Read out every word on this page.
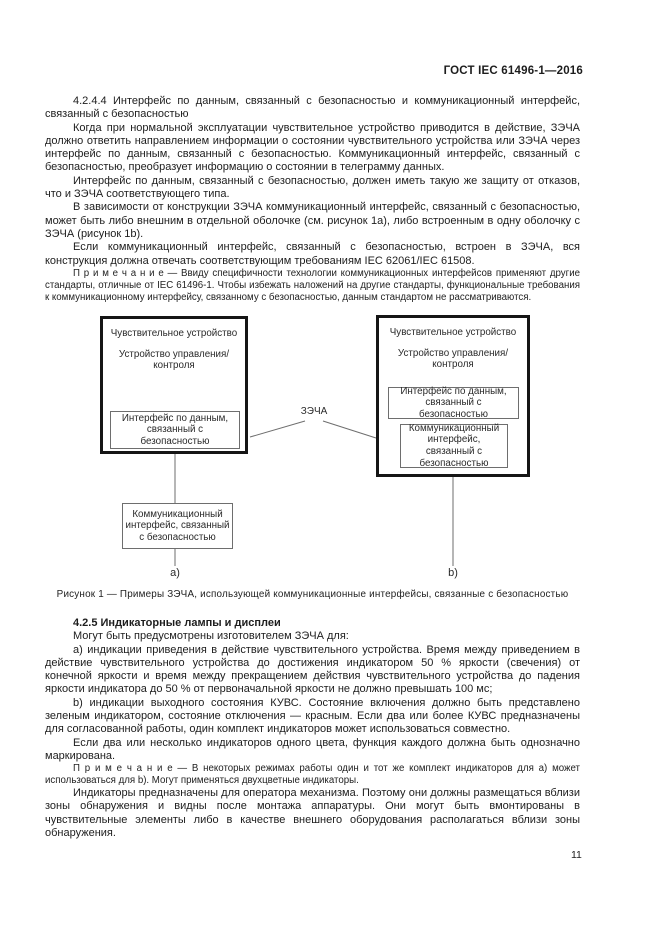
ГОСТ IEC 61496-1—2016

4.2.4.4 Интерфейс по данным, связанный с безопасностью и коммуникационный интерфейс, связанный с безопасностью

Когда при нормальной эксплуатации чувствительное устройство приводится в действие, ЗЭЧА должно ответить направлением информации о состоянии чувствительного устройства или ЗЭЧА через интерфейс по данным, связанный с безопасностью. Коммуникационный интерфейс, связанный с безопасностью, преобразует информацию о состоянии в телеграмму данных.

Интерфейс по данным, связанный с безопасностью, должен иметь такую же защиту от отказов, что и ЗЭЧА соответствующего типа.

В зависимости от конструкции ЗЭЧА коммуникационный интерфейс, связанный с безопасностью, может быть либо внешним в отдельной оболочке (см. рисунок 1a), либо встроенным в одну оболочку с ЗЭЧА (рисунок 1b).

Если коммуникационный интерфейс, связанный с безопасностью, встроен в ЗЭЧА, вся конструкция должна отвечать соответствующим требованиям IEC 62061/IEC 61508.

П р и м е ч а н и е — Ввиду специфичности технологии коммуникационных интерфейсов применяют другие стандарты, отличные от IEC 61496-1. Чтобы избежать наложений на другие стандарты, функциональные требования к коммуникационному интерфейсу, связанному с безопасностью, данным стандартом не рассматриваются.

Чувствительное устройство
Устройство управления/контроля
Интерфейс по данным, связанный с безопасностью
Коммуникационный интерфейс, связанный с безопасностью
a)
Чувствительное устройство
Устройство управления/контроля
Интерфейс по данным, связанный с безопасностью
Коммуникационный интерфейс, связанный с безопасностью
b)
ЗЭЧА
Рисунок 1 — Примеры ЗЭЧА, использующей коммуникационные интерфейсы, связанные с безопасностью

4.2.5 Индикаторные лампы и дисплеи

Могут быть предусмотрены изготовителем ЗЭЧА для:

a) индикации приведения в действие чувствительного устройства. Время между приведением в действие чувствительного устройства до достижения индикатором 50 % яркости (свечения) от конечной яркости и время между прекращением действия чувствительного устройства до падения яркости индикатора до 50 % от первоначальной яркости не должно превышать 100 мс;

b) индикации выходного состояния КУВС. Состояние включения должно быть представлено зеленым индикатором, состояние отключения — красным. Если два или более КУВС предназначены для согласованной работы, один комплект индикаторов может использоваться совместно.

Если два или несколько индикаторов одного цвета, функция каждого должна быть однозначно маркирована.

П р и м е ч а н и е — В некоторых режимах работы один и тот же комплект индикаторов для a) может использоваться для b). Могут применяться двухцветные индикаторы.

Индикаторы предназначены для оператора механизма. Поэтому они должны размещаться вблизи зоны обнаружения и видны после монтажа аппаратуры. Они могут быть вмонтированы в чувствительные элементы либо в качестве внешнего оборудования располагаться вблизи зоны обнаружения.

11
